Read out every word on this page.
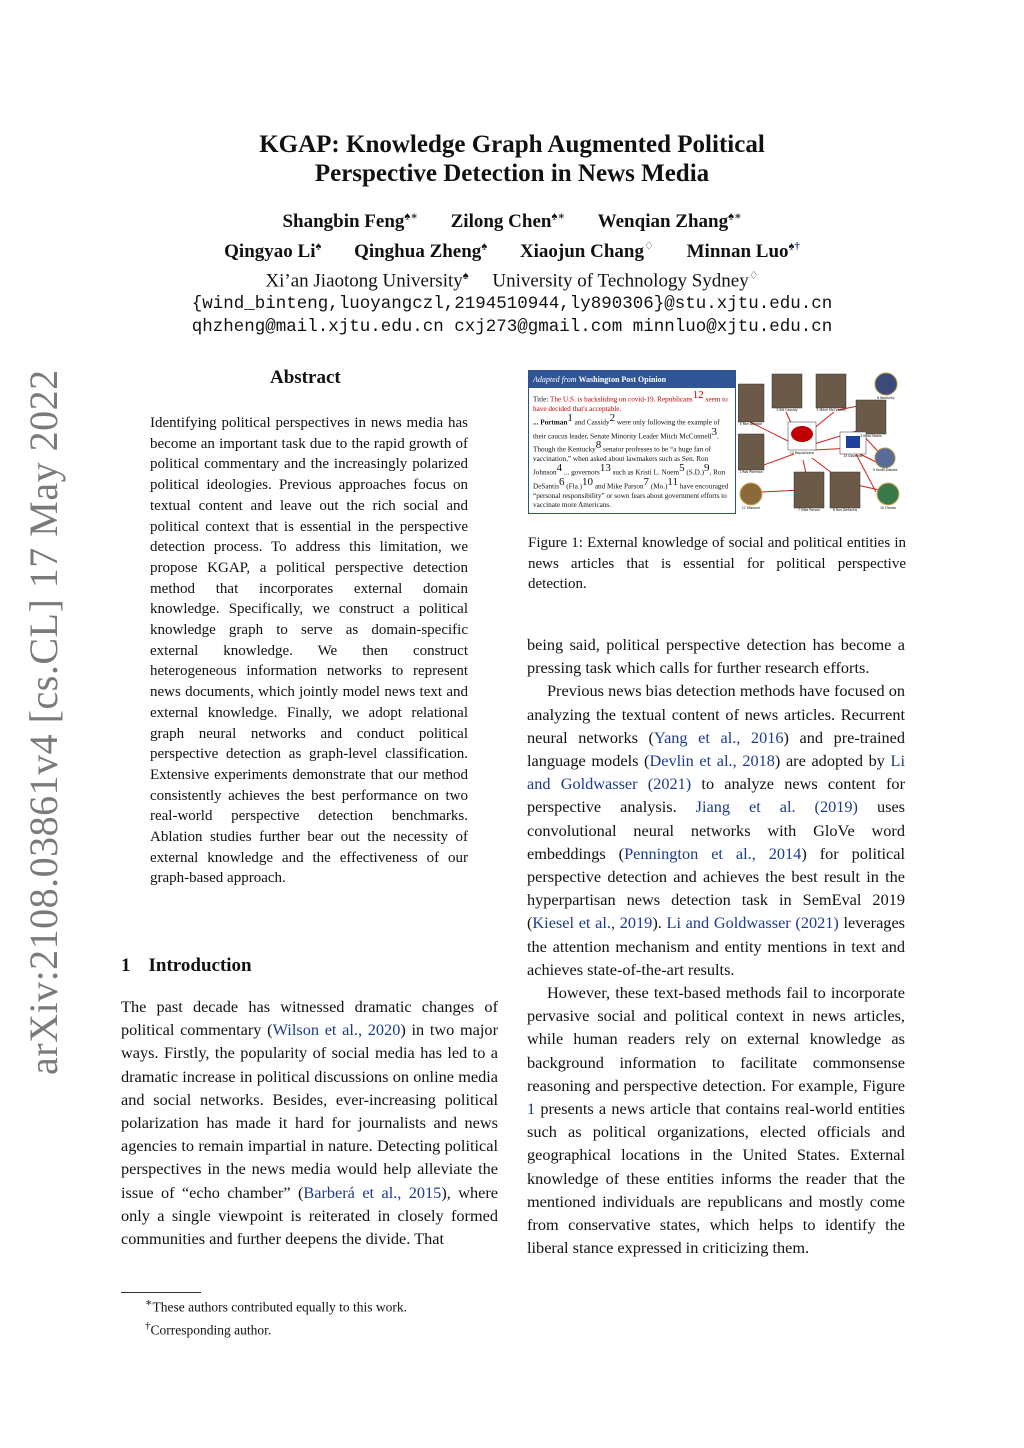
arXiv:2108.03861v4 [cs.CL] 17 May 2022
KGAP: Knowledge Graph Augmented Political
Perspective Detection in News Media
Shangbin Feng♠∗ Zilong Chen♠∗ Wenqian Zhang♠∗
Qingyao Li♠ Qinghua Zheng♠ Xiaojun Chang♢ Minnan Luo♠†
Xi’an Jiaotong University♠ University of Technology Sydney♢
{wind_binteng,luoyangczl,2194510944,ly890306}@stu.xjtu.edu.cn
qhzheng@mail.xjtu.edu.cn cxj273@gmail.com minnluo@xjtu.edu.cn
Abstract
Identifying political perspectives in news media has become an important task due to the rapid growth of political commentary and the increasingly polarized political ideologies. Previous approaches focus on textual content and leave out the rich social and political context that is essential in the perspective detection process. To address this limitation, we propose KGAP, a political perspective detection method that incorporates external domain knowledge. Specifically, we construct a political knowledge graph to serve as domain-specific external knowledge. We then construct heterogeneous information networks to represent news documents, which jointly model news text and external knowledge. Finally, we adopt relational graph neural networks and conduct political perspective detection as graph-level classification. Extensive experiments demonstrate that our method consistently achieves the best performance on two real-world perspective detection benchmarks. Ablation studies further bear out the necessity of external knowledge and the effectiveness of our graph-based approach.
1 Introduction

The past decade has witnessed dramatic changes of political commentary (Wilson et al., 2020) in two major ways. Firstly, the popularity of social media has led to a dramatic increase in political discussions on online media and social networks. Besides, ever-increasing political polarization has made it hard for journalists and news agencies to remain impartial in nature. Detecting political perspectives in the news media would help alleviate the issue of “echo chamber” (Barberá et al., 2015), where only a single viewpoint is reiterated in closely formed communities and further deepens the divide. That

∗These authors contributed equally to this work.
†Corresponding author.
Adapted from Washington Post Opinion
Title: The U.S. is backsliding on covid-19. Republicans$^{12}$ seem to have decided that's acceptable.
... Portman$^1$ and Cassidy$^2$ were only following the example of their caucus leader, Senate Minority Leader Mitch McConnell$^3$. Though the Kentucky$^8$ senator professes to be “a huge fan of vaccination,” when asked about lawmakers such as Sen. Ron Johnson$^4$ ... governors$^{13}$ such as Kristi L. Noem$^5$ $(S.D.)^9$, Ron DeSantis$^6$ $(Fla.)^{10}$ and Mike Parson$^7$ $(Mo.)^{11}$ have encouraged “personal responsibility” or sown fears about government efforts to vaccinate more Americans.
2 Bill Cassidy	3 Mitch McConnell
8 Kentucky
4 Ron Johnson
5 Kristi Noem
12 Republicans
13 Governor
1 Rob Portman	9 South Dakota
11 Missouri	7 Mike Parson	6 Ron DeSantis	10 Florida
Figure 1: External knowledge of social and political entities in news articles that is essential for political perspective detection.

being said, political perspective detection has become a pressing task which calls for further research efforts.

Previous news bias detection methods have focused on analyzing the textual content of news articles. Recurrent neural networks (Yang et al., 2016) and pre-trained language models (Devlin et al., 2018) are adopted by Li and Goldwasser (2021) to analyze news content for perspective analysis. Jiang et al. (2019) uses convolutional neural networks with GloVe word embeddings (Pennington et al., 2014) for political perspective detection and achieves the best result in the hyperpartisan news detection task in SemEval 2019 (Kiesel et al., 2019). Li and Goldwasser (2021) leverages the attention mechanism and entity mentions in text and achieves state-of-the-art results.

However, these text-based methods fail to incorporate pervasive social and political context in news articles, while human readers rely on external knowledge as background information to facilitate commonsense reasoning and perspective detection. For example, Figure 1 presents a news article that contains real-world entities such as political organizations, elected officials and geographical locations in the United States. External knowledge of these entities informs the reader that the mentioned individuals are republicans and mostly come from conservative states, which helps to identify the liberal stance expressed in criticizing them.
